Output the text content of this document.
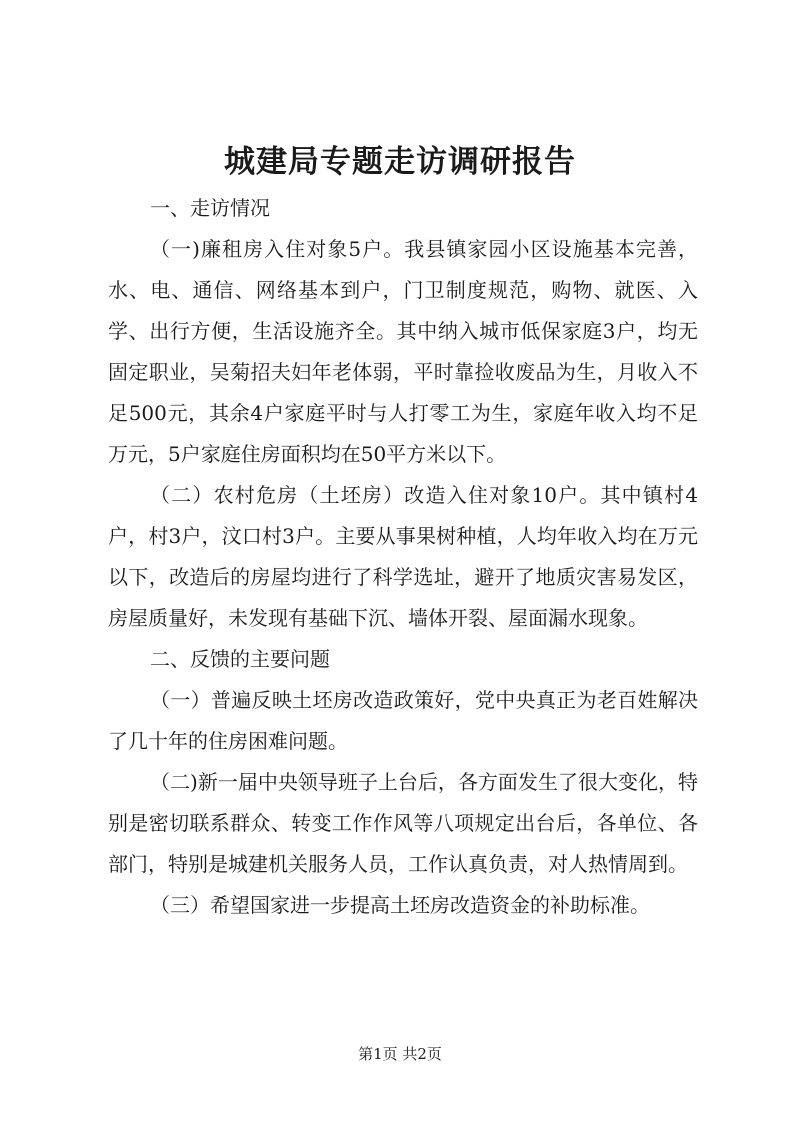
城建局专题走访调研报告

一、走访情况

（一)廉租房入住对象5户。我县镇家园小区设施基本完善，水、电、通信、网络基本到户，门卫制度规范，购物、就医、入学、出行方便，生活设施齐全。其中纳入城市低保家庭3户，均无固定职业，吴菊招夫妇年老体弱，平时靠捡收废品为生，月收入不足500元，其余4户家庭平时与人打零工为生，家庭年收入均不足万元，5户家庭住房面积均在50平方米以下。

（二）农村危房（土坯房）改造入住对象10户。其中镇村4户，村3户，汶口村3户。主要从事果树种植，人均年收入均在万元以下，改造后的房屋均进行了科学选址，避开了地质灾害易发区，房屋质量好，未发现有基础下沉、墙体开裂、屋面漏水现象。

二、反馈的主要问题

（一）普遍反映土坯房改造政策好，党中央真正为老百姓解决了几十年的住房困难问题。

（二)新一届中央领导班子上台后，各方面发生了很大变化，特别是密切联系群众、转变工作作风等八项规定出台后，各单位、各部门，特别是城建机关服务人员，工作认真负责，对人热情周到。

（三）希望国家进一步提高土坯房改造资金的补助标准。

第1页 共2页
